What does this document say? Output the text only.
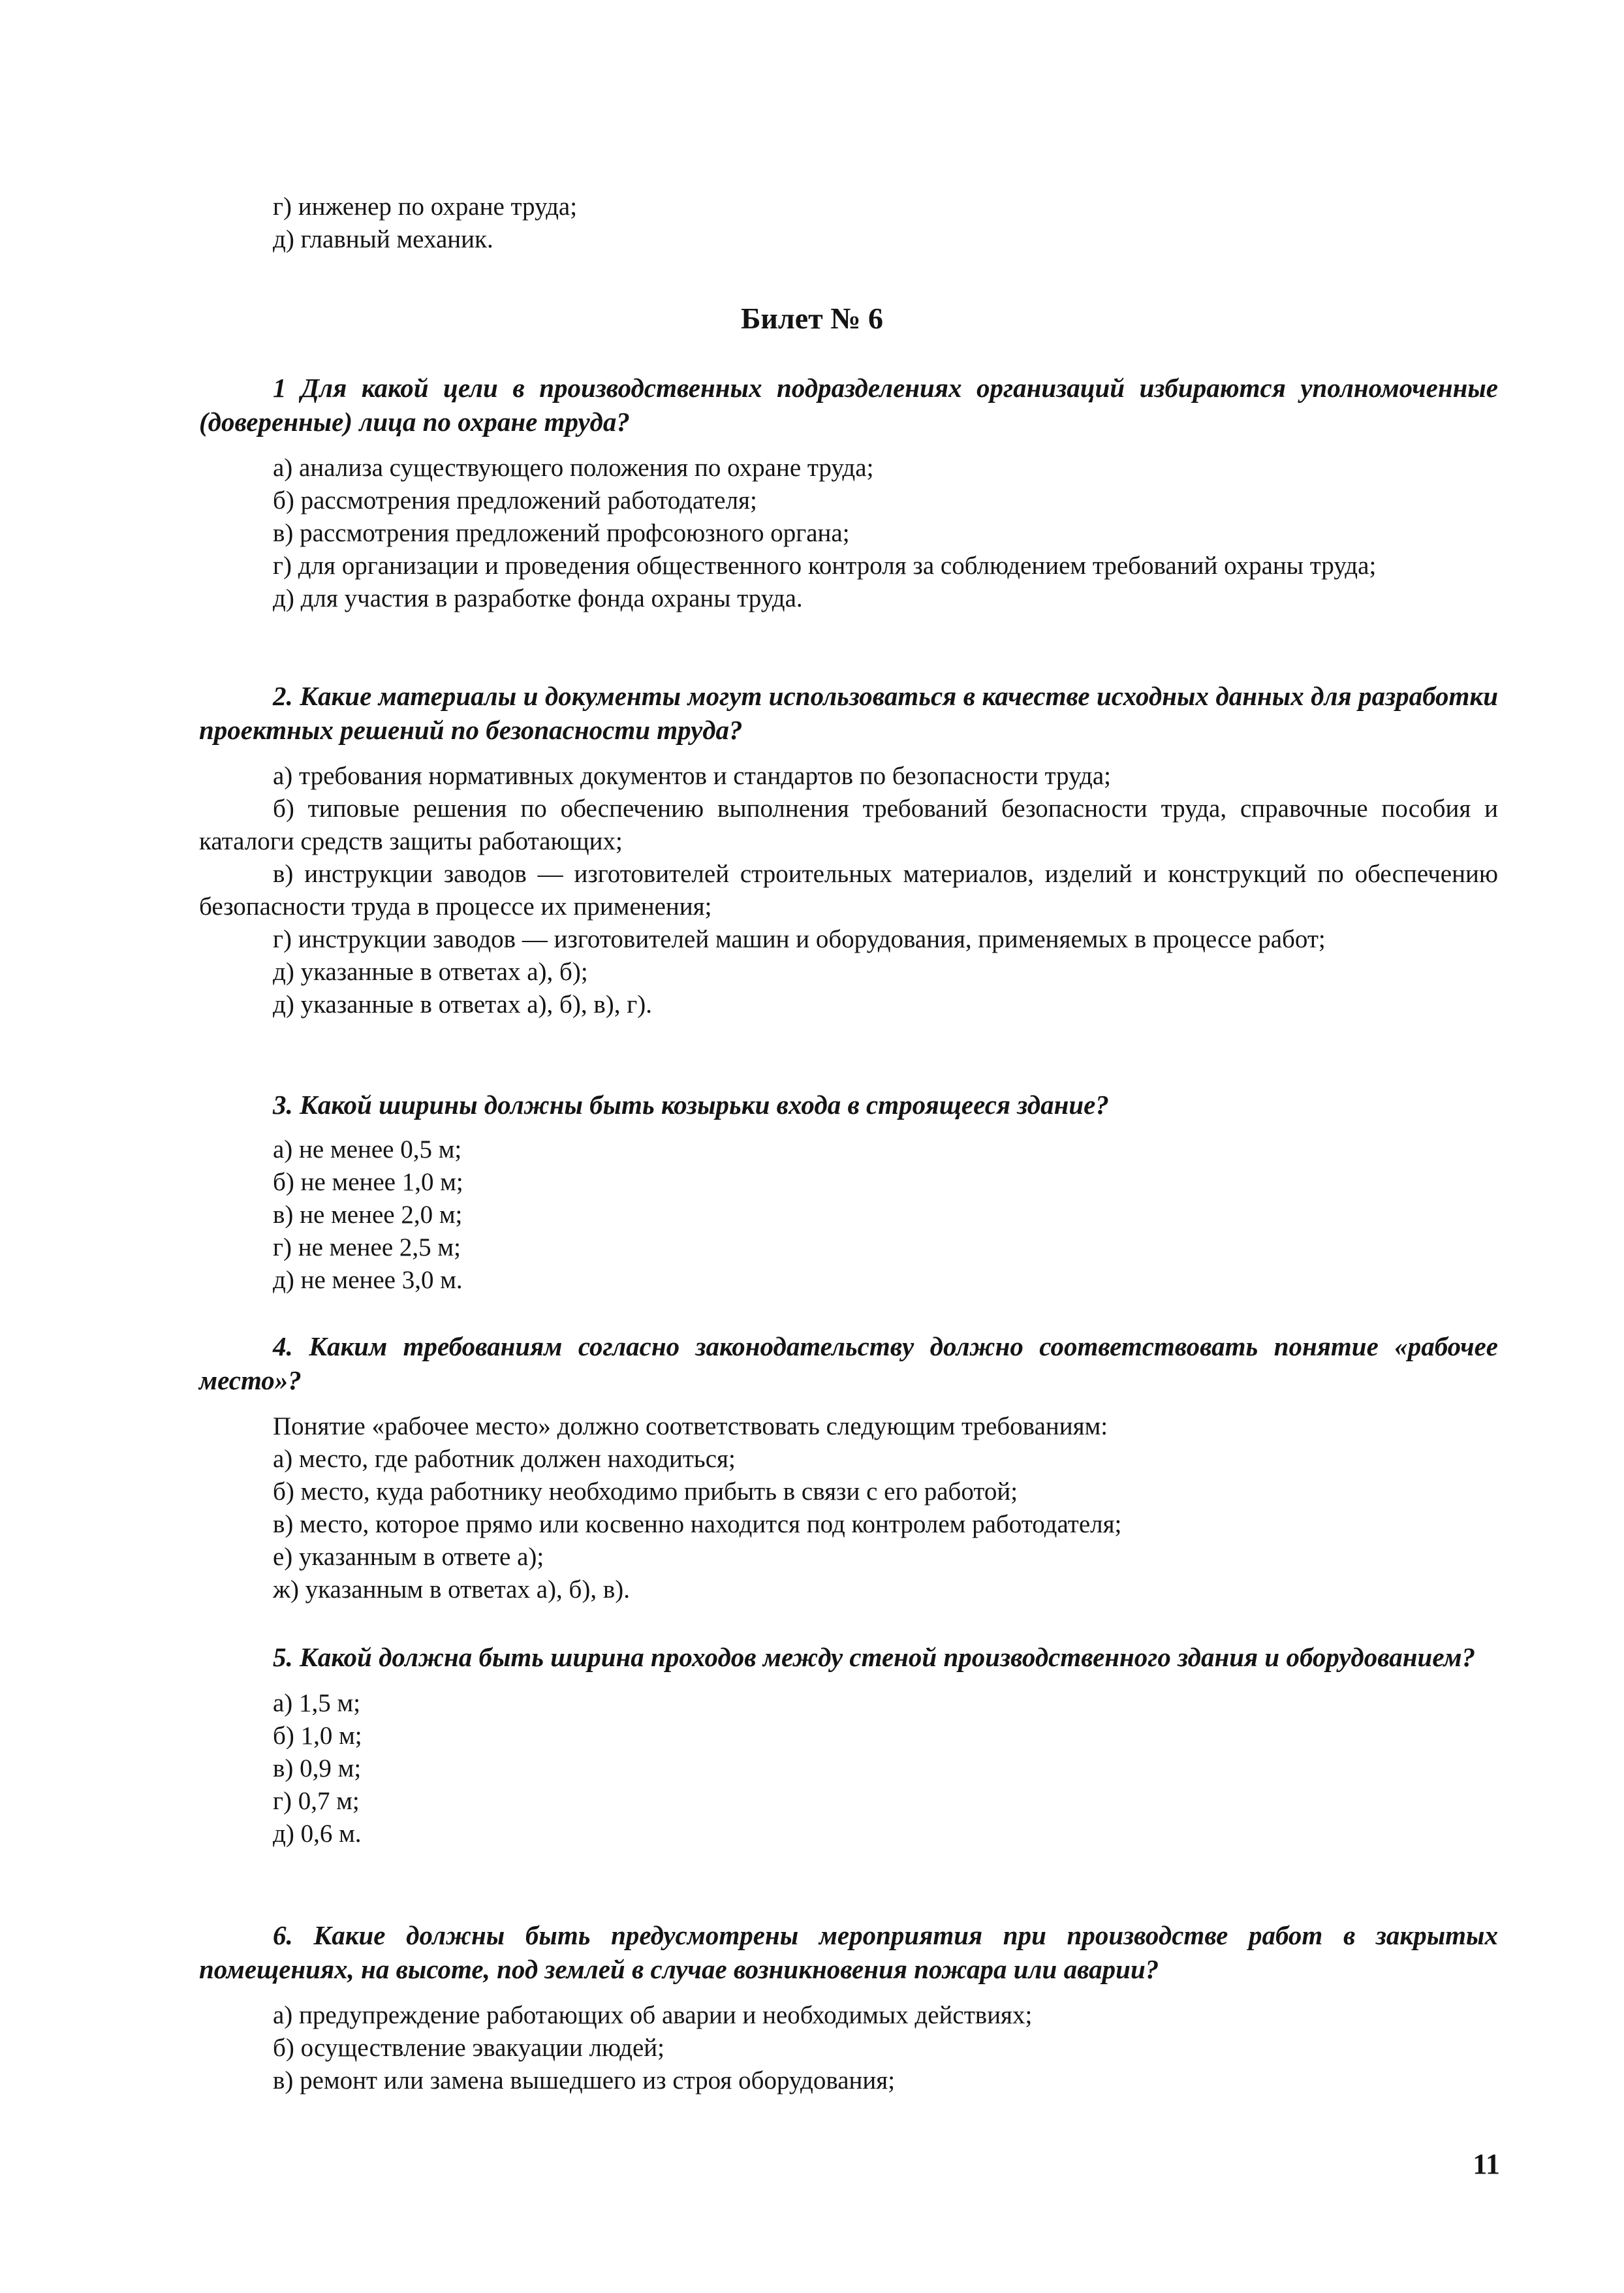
г) инженер по охране труда;
д) главный механик.
Билет № 6
1 Для какой цели в производственных подразделениях организаций избираются уполномоченные (доверенные) лица по охране труда?
а) анализа существующего положения по охране труда;
б) рассмотрения предложений работодателя;
в) рассмотрения предложений профсоюзного органа;
г) для организации и проведения общественного контроля за соблюдением требований охраны труда;
д) для участия в разработке фонда охраны труда.
2. Какие материалы и документы могут использоваться в качестве исходных данных для разработки проектных решений по безопасности труда?
а) требования нормативных документов и стандартов по безопасности труда;
б) типовые решения по обеспечению выполнения требований безопасности труда, справочные пособия и каталоги средств защиты работающих;
в) инструкции заводов — изготовителей строительных материалов, изделий и конструкций по обеспечению безопасности труда в процессе их применения;
г) инструкции заводов — изготовителей машин и оборудования, применяемых в процессе работ;
д) указанные в ответах а), б);
д) указанные в ответах а), б), в), г).
3. Какой ширины должны быть козырьки входа в строящееся здание?
а) не менее 0,5 м;
б) не менее 1,0 м;
в) не менее 2,0 м;
г) не менее 2,5 м;
д) не менее 3,0 м.
4. Каким требованиям согласно законодательству должно соответствовать понятие «рабочее место»?
Понятие «рабочее место» должно соответствовать следующим требованиям:
а) место, где работник должен находиться;
б) место, куда работнику необходимо прибыть в связи с его работой;
в) место, которое прямо или косвенно находится под контролем работодателя;
е) указанным в ответе а);
ж) указанным в ответах а), б), в).
5. Какой должна быть ширина проходов между стеной производственного здания и оборудованием?
а) 1,5 м;
б) 1,0 м;
в) 0,9 м;
г) 0,7 м;
д) 0,6 м.
6. Какие должны быть предусмотрены мероприятия при производстве работ в закрытых помещениях, на высоте, под землей в случае возникновения пожара или аварии?
а) предупреждение работающих об аварии и необходимых действиях;
б) осуществление эвакуации людей;
в) ремонт или замена вышедшего из строя оборудования;
11
